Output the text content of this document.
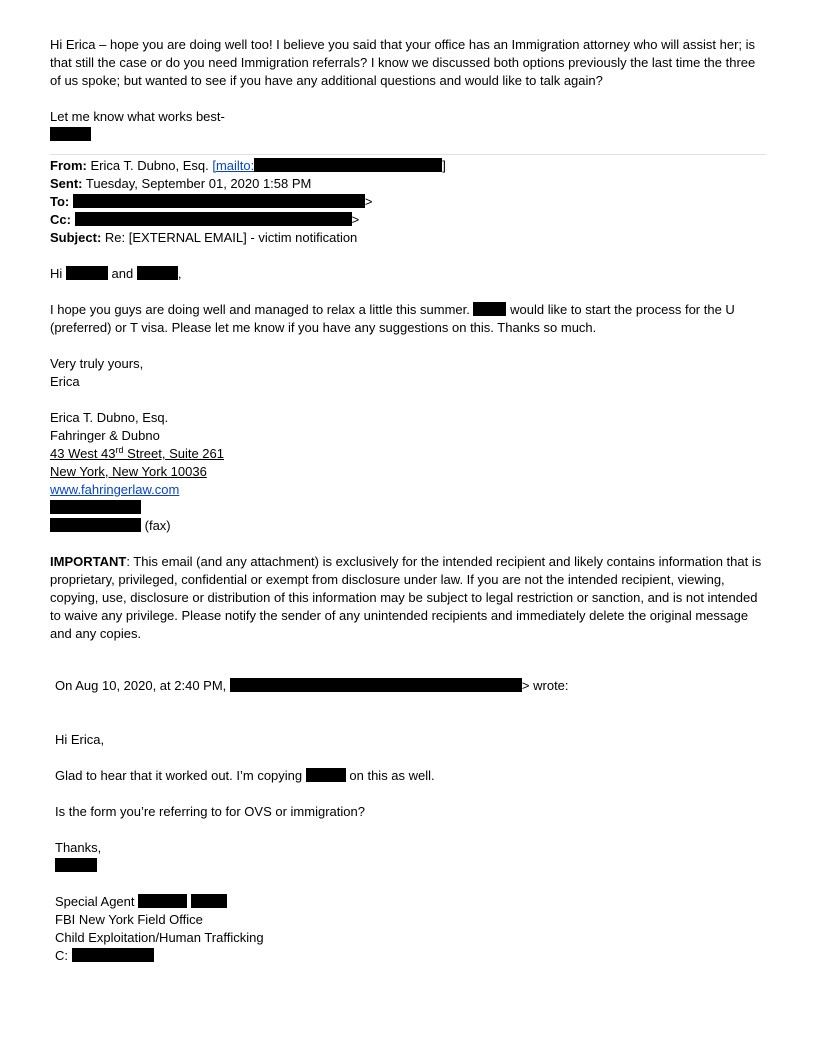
Hi Erica – hope you are doing well too! I believe you said that your office has an Immigration attorney who will assist her; is that still the case or do you need Immigration referrals? I know we discussed both options previously the last time the three of us spoke; but wanted to see if you have any additional questions and would like to talk again?

Let me know what works best-

From: Erica T. Dubno, Esq. [mailto:	]

Sent: Tuesday, September 01, 2020 1:58 PM

To:	>

Cc:	>

Subject: Re: [EXTERNAL EMAIL] - victim notification

Hi	and	,

I hope you guys are doing well and managed to relax a little this summer.	would like to start the process for the U (preferred) or T visa. Please let me know if you have any suggestions on this. Thanks so much.

Very truly yours,

Erica

Erica T. Dubno, Esq.

Fahringer & Dubno

43 West 43rd Street, Suite 261

New York, New York 10036

www.fahringerlaw.com

(fax)

IMPORTANT: This email (and any attachment) is exclusively for the intended recipient and likely contains information that is proprietary, privileged, confidential or exempt from disclosure under law. If you are not the intended recipient, viewing, copying, use, disclosure or distribution of this information may be subject to legal restriction or sanction, and is not intended to waive any privilege. Please notify the sender of any unintended recipients and immediately delete the original message and any copies.

On Aug 10, 2020, at 2:40 PM,	> wrote:

Hi Erica,

Glad to hear that it worked out. I’m copying	on this as well.

Is the form you’re referring to for OVS or immigration?

Thanks,

Special Agent

FBI New York Field Office

Child Exploitation/Human Trafficking

C:
